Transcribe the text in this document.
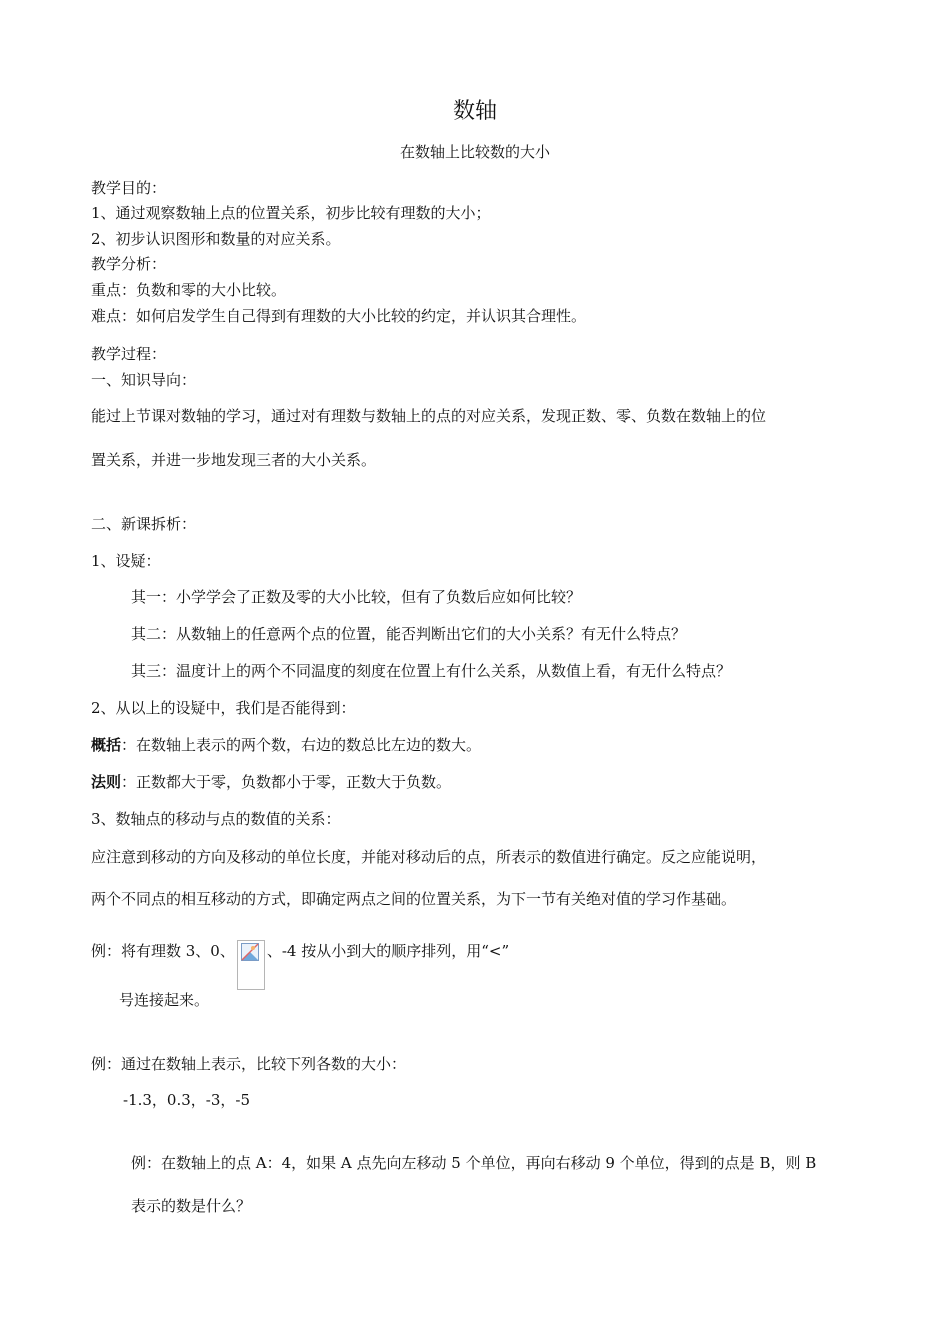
数轴
在数轴上比较数的大小
教学目的：
1、通过观察数轴上点的位置关系，初步比较有理数的大小；
2、初步认识图形和数量的对应关系。
教学分析：
重点：负数和零的大小比较。
难点：如何启发学生自己得到有理数的大小比较的约定，并认识其合理性。
教学过程：
一、知识导向：
能过上节课对数轴的学习，通过对有理数与数轴上的点的对应关系，发现正数、零、负数在数轴上的位
置关系，并进一步地发现三者的大小关系。
二、新课拆析：
1、设疑：
其一：小学学会了正数及零的大小比较，但有了负数后应如何比较？
其二：从数轴上的任意两个点的位置，能否判断出它们的大小关系？有无什么特点？
其三：温度计上的两个不同温度的刻度在位置上有什么关系，从数值上看，有无什么特点？
2、从以上的设疑中，我们是否能得到：
概括：在数轴上表示的两个数，右边的数总比左边的数大。
法则：正数都大于零，负数都小于零，正数大于负数。
3、数轴点的移动与点的数值的关系：
应注意到移动的方向及移动的单位长度，并能对移动后的点，所表示的数值进行确定。反之应能说明，
两个不同点的相互移动的方式，即确定两点之间的位置关系，为下一节有关绝对值的学习作基础。
例：将有理数 3、0、 、-4 按从小到大的顺序排列，用“<”
号连接起来。
例：通过在数轴上表示，比较下列各数的大小：
-1.3，0.3，-3，-5
例：在数轴上的点 A：4，如果 A 点先向左移动 5 个单位，再向右移动 9 个单位，得到的点是 B，则 B
表示的数是什么？
